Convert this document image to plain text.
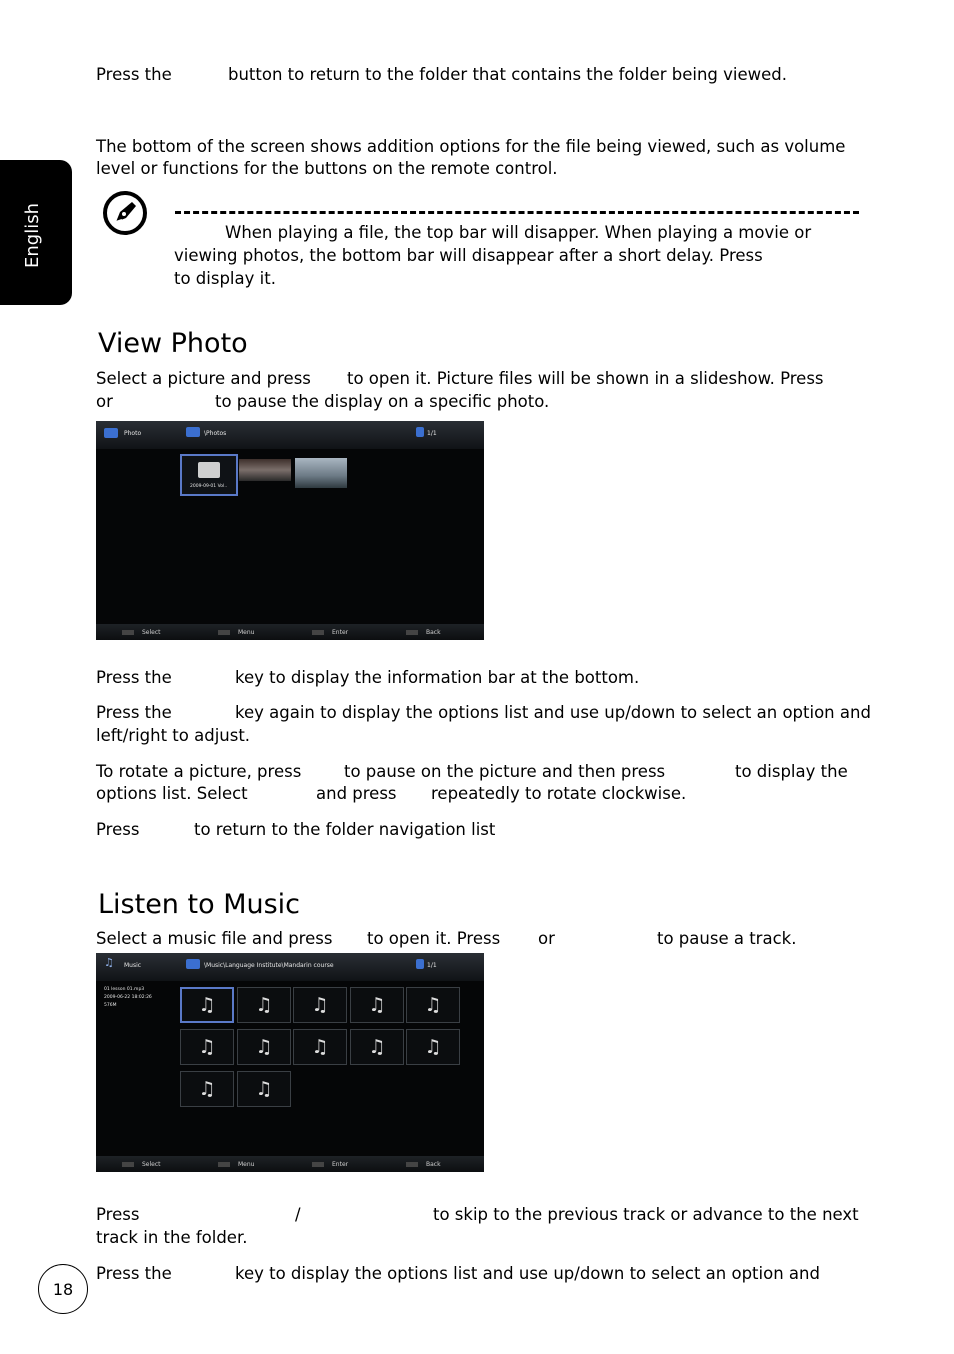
English

Press the	button to return to the folder that contains the folder being viewed.

The bottom of the screen shows addition options for the file being viewed, such as volume

level or functions for the buttons on the remote control.

When playing a file, the top bar will disapper. When playing a movie or

viewing photos, the bottom bar will disappear after a short delay. Press

to display it.

View Photo

Select a picture and press to open it. Picture files will be shown in a slideshow. Press

or	to pause the display on a specific photo.

Photo	\Photos	1/1
2009-09-01 Vol..
Select	Menu	Enter	Back

Press the	key to display the information bar at the bottom.

Press the	key again to display the options list and use up/down to select an option and

left/right to adjust.

To rotate a picture, press	to pause on the picture and then press	to display the

options list. Select	and press repeatedly to rotate clockwise.

Press	to return to the folder navigation list

Listen to Music

Select a music file and press to open it. Press or	to pause a track.

♫ Music	\Music\Language Institute\Mandarin course	1/1
01 lesson 01.mp3
2009-06-22 18:02:26
576M	♫ ♫ ♫ ♫ ♫
♫ ♫ ♫ ♫ ♫
♫ ♫
Select	Menu	Enter	Back

Press	/	to skip to the previous track or advance to the next

track in the folder.

Press the	key to display the options list and use up/down to select an option and

18
